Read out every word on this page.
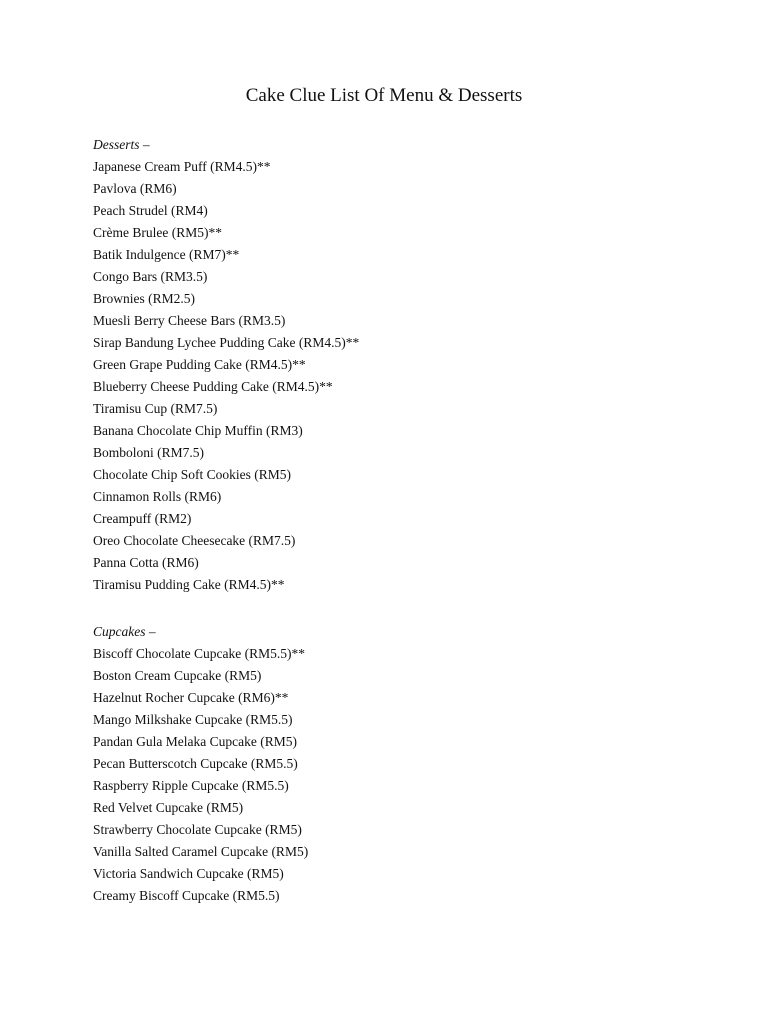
Cake Clue List Of Menu & Desserts
Desserts –
Japanese Cream Puff (RM4.5)**
Pavlova (RM6)
Peach Strudel (RM4)
Crème Brulee (RM5)**
Batik Indulgence (RM7)**
Congo Bars (RM3.5)
Brownies (RM2.5)
Muesli Berry Cheese Bars (RM3.5)
Sirap Bandung Lychee Pudding Cake (RM4.5)**
Green Grape Pudding Cake (RM4.5)**
Blueberry Cheese Pudding Cake (RM4.5)**
Tiramisu Cup (RM7.5)
Banana Chocolate Chip Muffin (RM3)
Bomboloni (RM7.5)
Chocolate Chip Soft Cookies (RM5)
Cinnamon Rolls (RM6)
Creampuff (RM2)
Oreo Chocolate Cheesecake (RM7.5)
Panna Cotta (RM6)
Tiramisu Pudding Cake (RM4.5)**
Cupcakes –
Biscoff Chocolate Cupcake (RM5.5)**
Boston Cream Cupcake (RM5)
Hazelnut Rocher Cupcake (RM6)**
Mango Milkshake Cupcake (RM5.5)
Pandan Gula Melaka Cupcake (RM5)
Pecan Butterscotch Cupcake (RM5.5)
Raspberry Ripple Cupcake (RM5.5)
Red Velvet Cupcake (RM5)
Strawberry Chocolate Cupcake (RM5)
Vanilla Salted Caramel Cupcake (RM5)
Victoria Sandwich Cupcake (RM5)
Creamy Biscoff Cupcake (RM5.5)
